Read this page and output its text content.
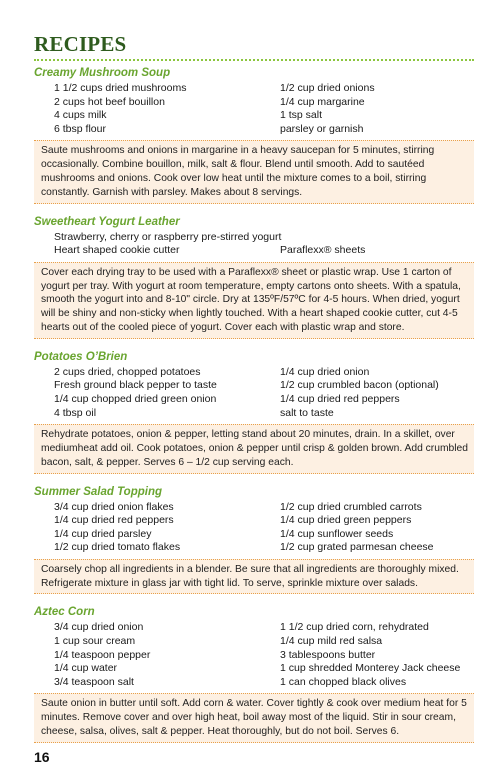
RECIPES
Creamy Mushroom Soup
1 1/2 cups dried mushrooms	1/2 cup dried onions
2 cups hot beef bouillon	1/4 cup margarine
4 cups milk	1 tsp salt
6 tbsp flour	parsley or garnish

Saute mushrooms and onions in margarine in a heavy saucepan for 5 minutes, stirring occasionally. Combine bouillon, milk, salt & flour. Blend until smooth. Add to sautéed mushrooms and onions. Cook over low heat until the mixture comes to a boil, stirring constantly. Garnish with parsley. Makes about 8 servings.

Sweetheart Yogurt Leather
Strawberry, cherry or raspberry pre-stirred yogurt
Heart shaped cookie cutter	Paraflexx® sheets

Cover each drying tray to be used with a Paraflexx® sheet or plastic wrap. Use 1 carton of yogurt per tray. With yogurt at room temperature, empty cartons onto sheets. With a spatula, smooth the yogurt into and 8-10" circle. Dry at 135ºF/57ºC for 4-5 hours. When dried, yogurt will be shiny and non-sticky when lightly touched. With a heart shaped cookie cutter, cut 4-5 hearts out of the cooled piece of yogurt. Cover each with plastic wrap and store.

Potatoes O’Brien
2 cups dried, chopped potatoes	1/4 cup dried onion
Fresh ground black pepper to taste	1/2 cup crumbled bacon (optional)
1/4 cup chopped dried green onion	1/4 cup dried red peppers
4 tbsp oil	salt to taste

Rehydrate potatoes, onion & pepper, letting stand about 20 minutes, drain. In a skillet, over mediumheat add oil. Cook potatoes, onion & pepper until crisp & golden brown. Add crumbled bacon, salt, & pepper. Serves 6 – 1/2 cup serving each.

Summer Salad Topping
3/4 cup dried onion flakes	1/2 cup dried crumbled carrots
1/4 cup dried red peppers	1/4 cup dried green peppers
1/4 cup dried parsley	1/4 cup sunflower seeds
1/2 cup dried tomato flakes	1/2 cup grated parmesan cheese

Coarsely chop all ingredients in a blender. Be sure that all ingredients are thoroughly mixed. Refrigerate mixture in glass jar with tight lid. To serve, sprinkle mixture over salads.

Aztec Corn
3/4 cup dried onion	1 1/2 cup dried corn, rehydrated
1 cup sour cream	1/4 cup mild red salsa
1/4 teaspoon pepper	3 tablespoons butter
1/4 cup water	1 cup shredded Monterey Jack cheese
3/4 teaspoon salt	1 can chopped black olives

Saute onion in butter until soft. Add corn & water. Cover tightly & cook over medium heat for 5 minutes. Remove cover and over high heat, boil away most of the liquid. Stir in sour cream, cheese, salsa, olives, salt & pepper. Heat thoroughly, but do not boil. Serves 6.

16
